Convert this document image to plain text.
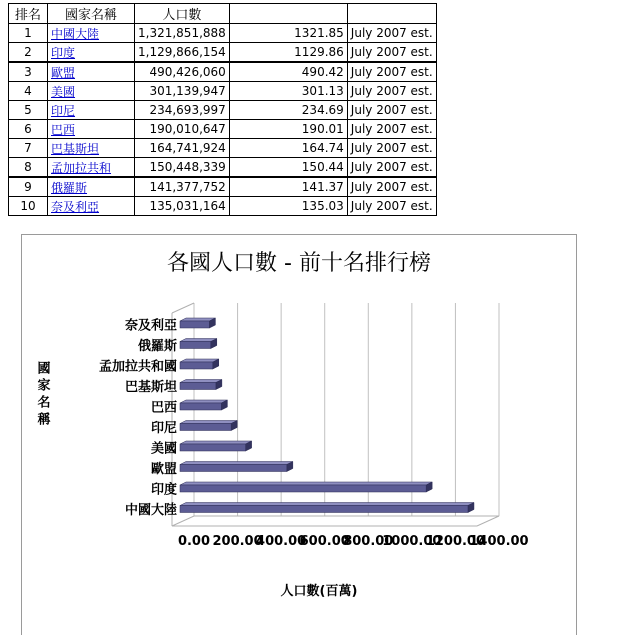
排名	國家名稱	人口數		
1	中國大陸	1,321,851,888	1321.85	July 2007 est.
2	印度	1,129,866,154	1129.86	July 2007 est.
3	歐盟	490,426,060	490.42	July 2007 est.
4	美國	301,139,947	301.13	July 2007 est.
5	印尼	234,693,997	234.69	July 2007 est.
6	巴西	190,010,647	190.01	July 2007 est.
7	巴基斯坦	164,741,924	164.74	July 2007 est.
8	孟加拉共和	150,448,339	150.44	July 2007 est.
9	俄羅斯	141,377,752	141.37	July 2007 est.
10	奈及利亞	135,031,164	135.03	July 2007 est.
各國人口數 - 前十名排行榜
中國大陸
印度
歐盟
美國
印尼
巴西
巴基斯坦
孟加拉共和國
俄羅斯
奈及利亞
0.00 200.00
400.00
600.00
800.00
1000.00
1200.00
1400.00
人口數(百萬)
國家名稱
